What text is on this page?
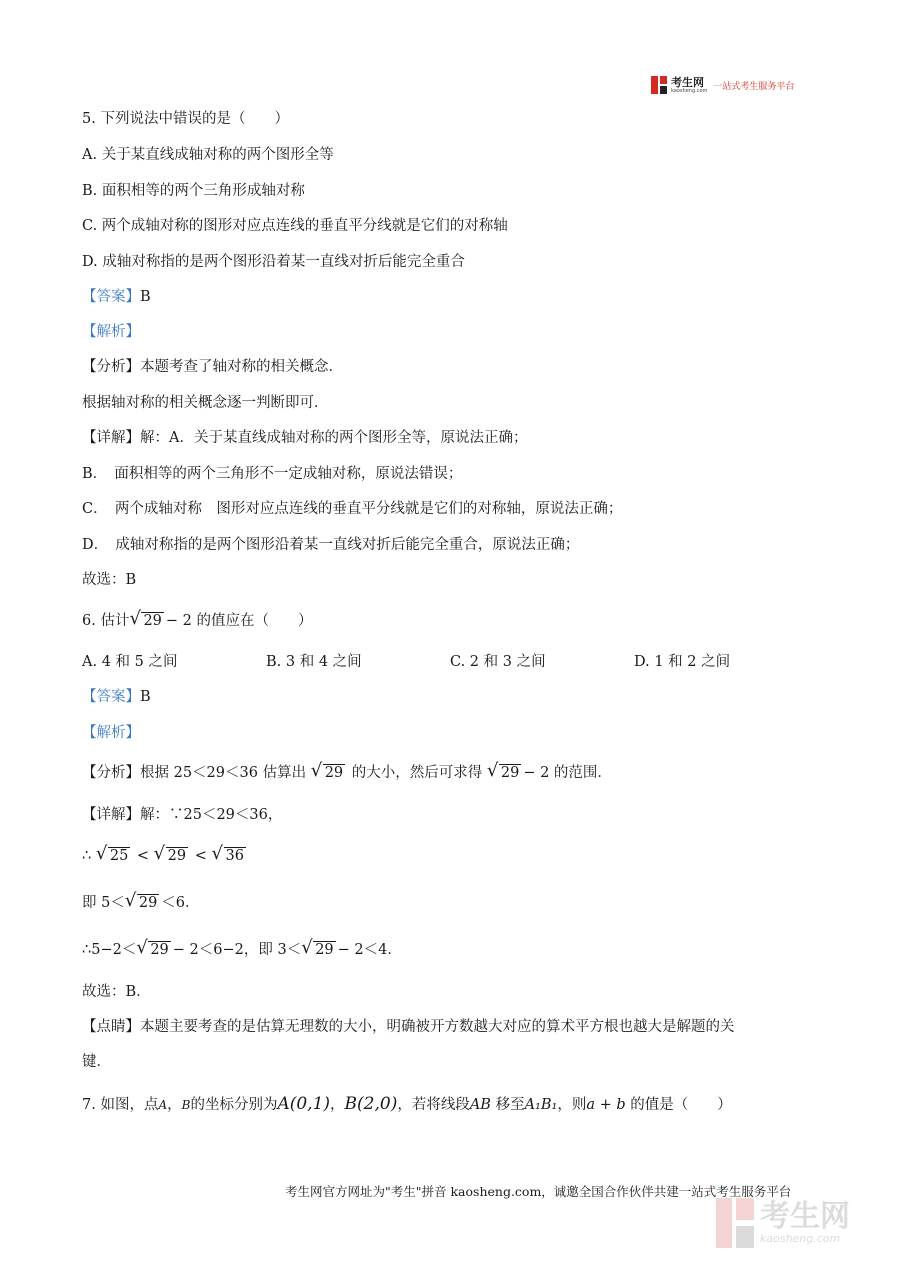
考生网
kaosheng.com 一站式考生服务平台
5. 下列说法中错误的是（　　）
A. 关于某直线成轴对称的两个图形全等
B. 面积相等的两个三角形成轴对称
C. 两个成轴对称的图形对应点连线的垂直平分线就是它们的对称轴
D. 成轴对称指的是两个图形沿着某一直线对折后能完全重合
【答案】B
【解析】
【分析】本题考查了轴对称的相关概念．
根据轴对称的相关概念逐一判断即可．
【详解】解：A．关于某直线成轴对称的两个图形全等，原说法正确；
B．　面积相等的两个三角形不一定成轴对称，原说法错误；
C．　两个成轴对称　图形对应点连线的垂直平分线就是它们的对称轴，原说法正确；
D．　成轴对称指的是两个图形沿着某一直线对折后能完全重合，原说法正确；
故选：B
6. 估计 √ 29 − 2 的值应在（　　）
A. 4 和 5 之间	B. 3 和 4 之间	C. 2 和 3 之间	D. 1 和 2 之间
【答案】B
【解析】
【分析】根据 25＜29＜36 估算出 √ 29 的大小，然后可求得 √ 29 − 2 的范围．
【详解】解：∵25＜29＜36，
∴ √ 25 < √ 29 < √ 36
即 5＜ √ 29 ＜6．
∴5−2＜ √ 29 − 2＜6−2，即 3＜ √ 29 − 2＜4．
故选：B．
【点睛】本题主要考查的是估算无理数的大小，明确被开方数越大对应的算术平方根也越大是解题的关
键．
7. 如图，点A，B的坐标分别为A(0,1)，B(2,0)，若将线段AB 移至A₁B₁，则a + b 的值是（　　）
考生网官方网址为"考生"拼音 kaosheng.com，诚邀全国合作伙伴共建一站式考生服务平台
考生网
kaosheng.com
